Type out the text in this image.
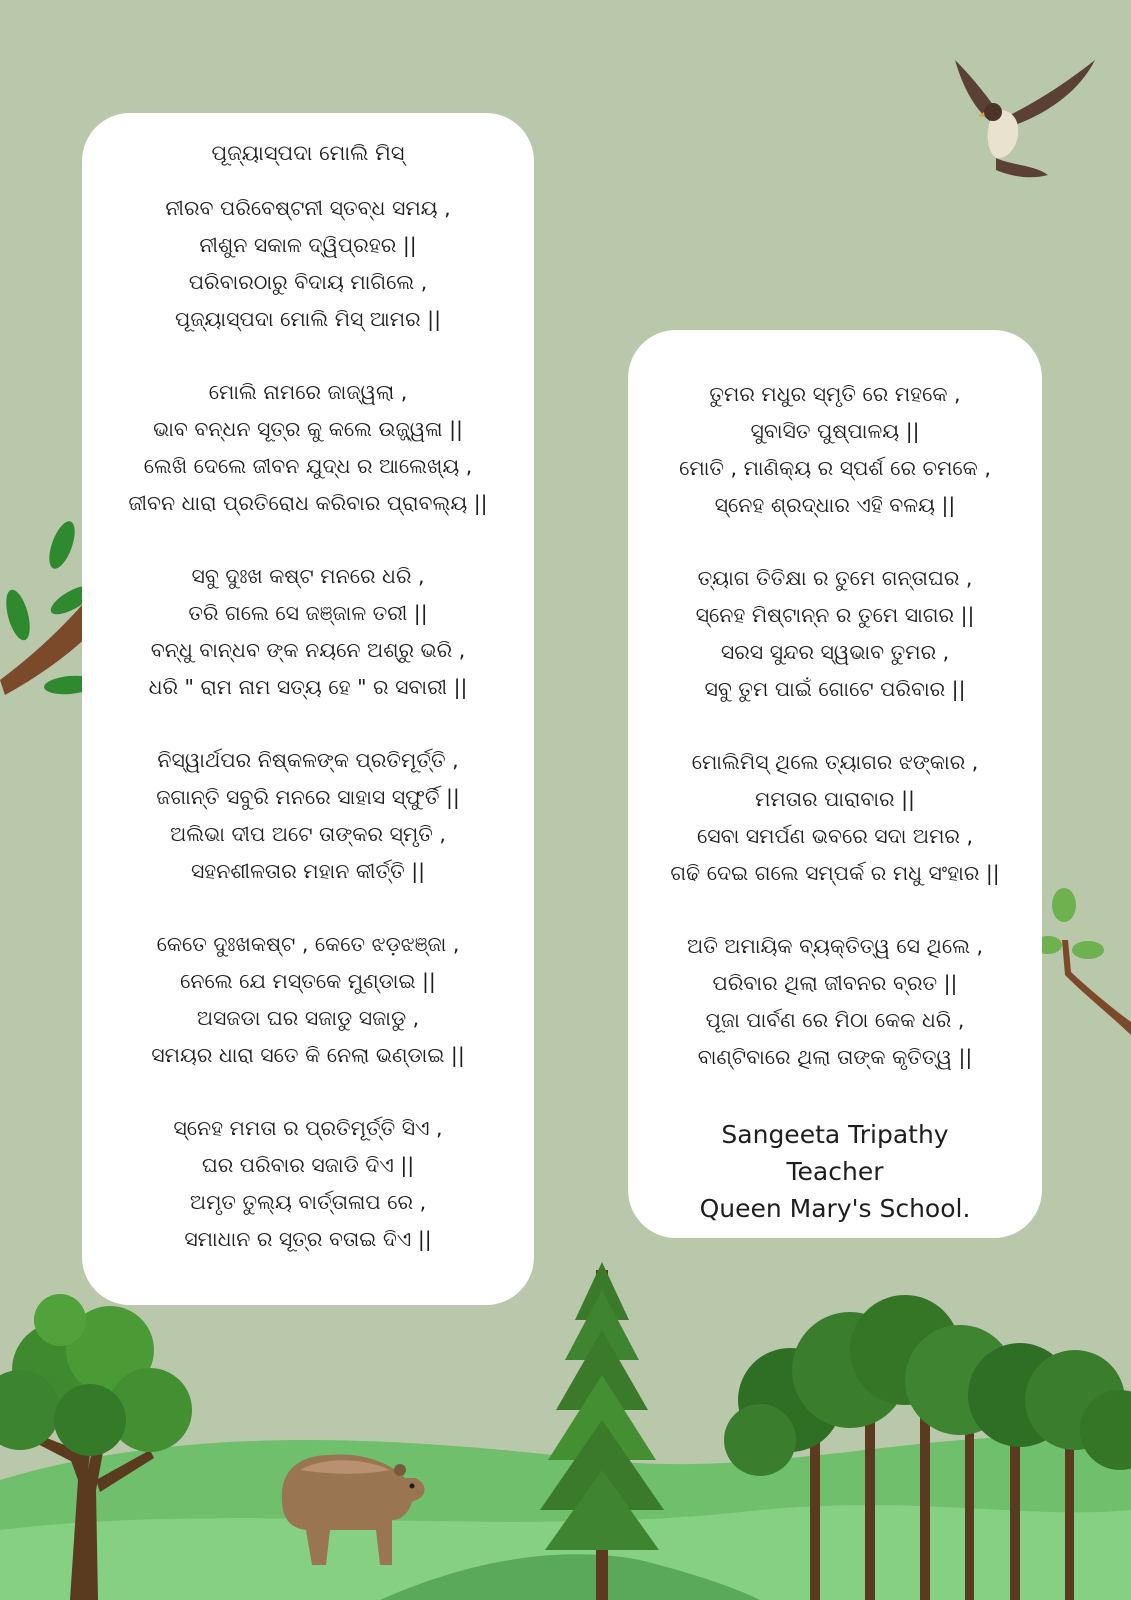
ପୂଜ୍ୟାସ୍ପଦା ମୋଲି ମିସ୍
ନୀରବ ପରିବେଷ୍ଟନୀ ସ୍ତବ୍ଧ ସମୟ ,
ନୀଶୁନ ସକାଳ ଦ୍ୱିପ୍ରହର ||
ପରିବାରଠାରୁ ବିଦାୟ ମାଗିଲେ ,
ପୂଜ୍ୟାସ୍ପଦା ମୋଲି ମିସ୍ ଆମର ||
ମୋଲି ନାମରେ ଜାଜ୍ୱଲା ,
ଭାବ ବନ୍ଧନ ସୂତ୍ର କୁ କଲେ ଉଜ୍ଜ୍ୱଳା ||
ଲେଖି ଦେଲେ ଜୀବନ ଯୁଦ୍ଧ ର ଆଲେଖ୍ୟ ,
ଜୀବନ ଧାରା ପ୍ରତିରୋଧ କରିବାର ପ୍ରାବଲ୍ୟ ||
ସବୁ ଦୁଃଖ କଷ୍ଟ ମନରେ ଧରି ,
ତରି ଗଲେ ସେ ଜଞ୍ଜାଳ ତରୀ ||
ବନ୍ଧୁ ବାନ୍ଧବ ଙ୍କ ନୟନେ ଅଶ୍ରୁ ଭରି ,
ଧରି " ରାମ ନାମ ସତ୍ୟ ହେ " ର ସବାରୀ ||
ନିସ୍ୱାର୍ଥପର ନିଷ୍କଳଙ୍କ ପ୍ରତିମୂର୍ତ୍ତି ,
ଜଗାନ୍ତି ସବୁରି ମନରେ ସାହାସ ସ୍ଫୁର୍ତି ||
ଅଲିଭା ଦୀପ ଅଟେ ତାଙ୍କର ସ୍ମୃତି ,
ସହନଶୀଳତାର ମହାନ କୀର୍ତ୍ତି ||
କେତେ ଦୁଃଖକଷ୍ଟ , କେତେ ଝଡ଼ଝଞ୍ଜା ,
ନେଲେ ଯେ ମସ୍ତକେ ମୁଣ୍ଡାଇ ||
ଅସଜଡା ଘର ସଜାଡୁ ସଜାଡୁ ,
ସମୟର ଧାରା ସତେ କି ନେଲା ଭଣ୍ଡାଇ ||
ସ୍ନେହ ମମତା ର ପ୍ରତିମୂର୍ତ୍ତି ସିଏ ,
ଘର ପରିବାର ସଜାଡି ଦିଏ ||
ଅମୃତ ତୁଲ୍ୟ ବାର୍ତ୍ତାଳାପ ରେ ,
ସମାଧାନ ର ସୂତ୍ର ବତାଇ ଦିଏ ||
ତୁମର ମଧୁର ସ୍ମୃତି ରେ ମହକେ ,
ସୁବାସିତ ପୁଷ୍ପାଳୟ ||
ମୋତି , ମାଣିକ୍ୟ ର ସ୍ପର୍ଶ ରେ ଚମକେ ,
ସ୍ନେହ ଶ୍ରଦ୍ଧାର ଏହି ବଳୟ ||
ତ୍ୟାଗ ତିତିକ୍ଷା ର ତୁମେ ଗନ୍ତାଘର ,
ସ୍ନେହ ମିଷ୍ଟାନ୍ନ ର ତୁମେ ସାଗର ||
ସରସ ସୁନ୍ଦର ସ୍ୱଭାବ ତୁମର ,
ସବୁ ତୁମ ପାଇଁ ଗୋଟେ ପରିବାର ||
ମୋଲିମିସ୍ ଥିଲେ ତ୍ୟାଗର ଝଙ୍କାର ,
ମମତାର ପାରାବାର ||
ସେବା ସମର୍ପଣ ଭବରେ ସଦା ଅମର ,
ଗଢି ଦେଇ ଗଲେ ସମ୍ପର୍କ ର ମଧୁ ସଂହାର ||
ଅତି ଅମାୟିକ ବ୍ୟକ୍ତିତ୍ୱ ସେ ଥିଲେ ,
ପରିବାର ଥିଲା ଜୀବନର ବ୍ରତ ||
ପୂଜା ପାର୍ବଣ ରେ ମିଠା କେକ ଧରି ,
ବାଣ୍ଟିବାରେ ଥିଲା ତାଙ୍କ କୃତିତ୍ୱ ||
Sangeeta Tripathy
Teacher
Queen Mary's School.
